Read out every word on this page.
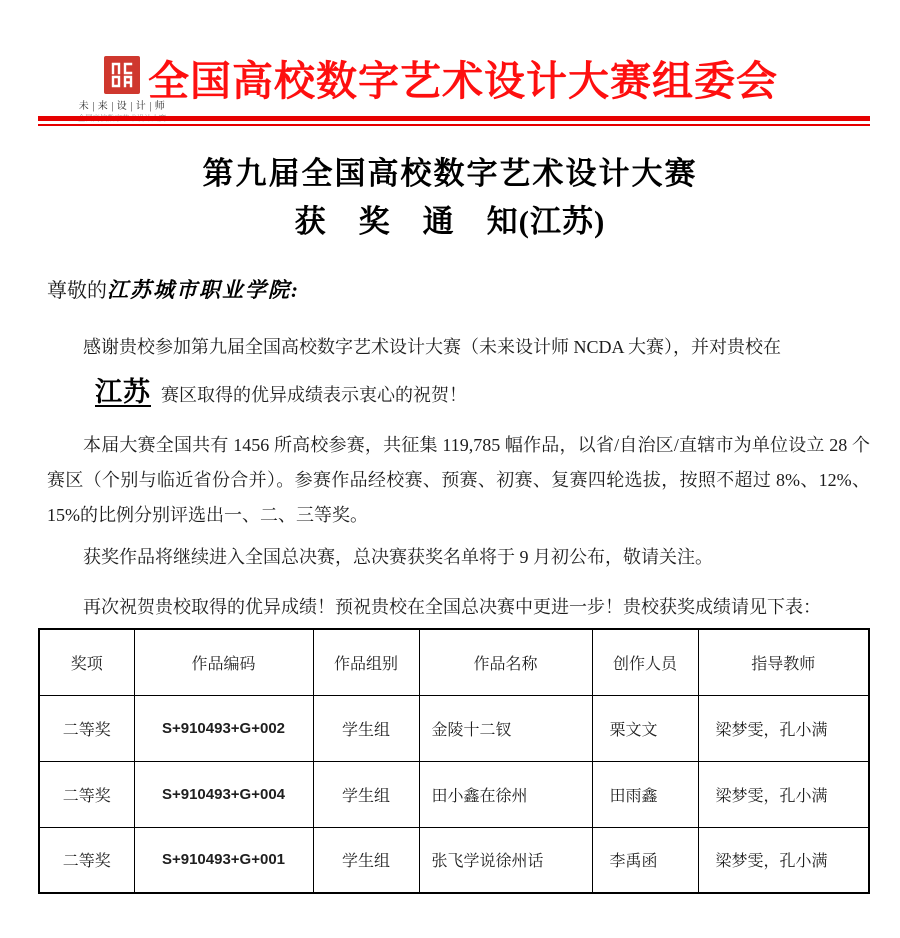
未 | 来 | 设 | 计 | 师
全国高校数字艺术设计大赛
全国高校数字艺术设计大赛组委会
第九届全国高校数字艺术设计大赛
获　奖　通　知(江苏)
尊敬的江苏城市职业学院:
感谢贵校参加第九届全国高校数字艺术设计大赛（未来设计师 NCDA 大赛），并对贵校在
江苏 赛区取得的优异成绩表示衷心的祝贺！
本届大赛全国共有 1456 所高校参赛，共征集 119,785 幅作品，以省/自治区/直辖市为单位设立 28 个赛区（个别与临近省份合并）。参赛作品经校赛、预赛、初赛、复赛四轮选拔，按照不超过 8%、12%、15%的比例分别评选出一、二、三等奖。
获奖作品将继续进入全国总决赛，总决赛获奖名单将于 9 月初公布，敬请关注。
再次祝贺贵校取得的优异成绩！预祝贵校在全国总决赛中更进一步！贵校获奖成绩请见下表：
奖项	作品编码	作品组别	作品名称	创作人员	指导教师
二等奖	S+910493+G+002	学生组	金陵十二钗	栗文文	梁梦雯，孔小满
二等奖	S+910493+G+004	学生组	田小鑫在徐州	田雨鑫	梁梦雯，孔小满
二等奖	S+910493+G+001	学生组	张飞学说徐州话	李禹函	梁梦雯，孔小满
